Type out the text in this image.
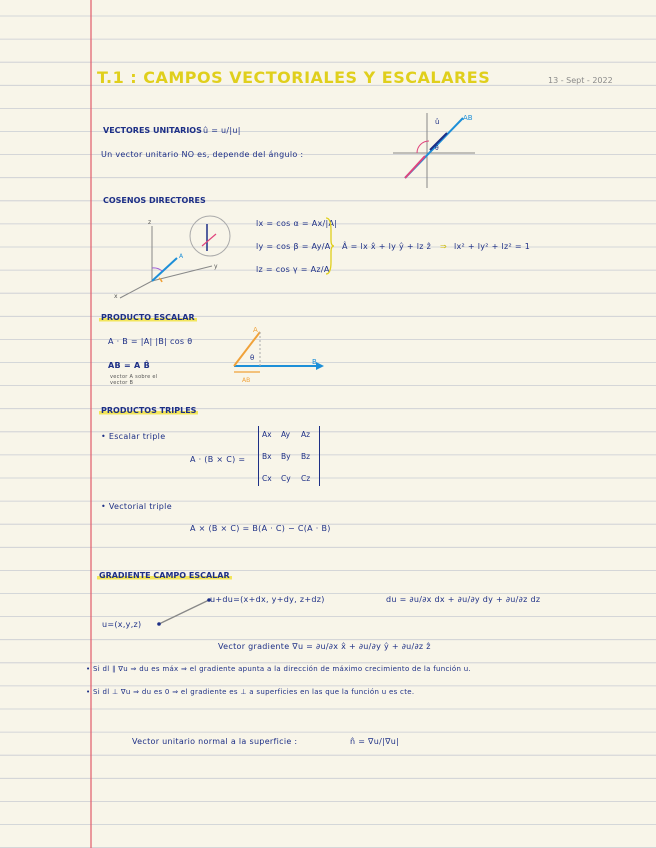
T.1 : CAMPOS VECTORIALES Y ESCALARES	13 - Sept - 2022
VECTORES UNITARIOS û = u/|u|
Un vector unitario NO es, depende del ángulo :
AB
û
θ
COSENOS DIRECTORES
z
y
x
A
lx = cos α = Ax/|A|
ly = cos β = Ay/A
lz = cos γ = Az/A
Â = lx x̂ + ly ŷ + lz ẑ ⇒ lx² + ly² + lz² = 1
PRODUCTO ESCALAR
A · B = |A| |B| cos θ
AB = A B̂
vector A sobre el vector B
A
B
θ
AB
PRODUCTOS TRIPLES
• Escalar triple
A · (B × C) =
Ax Ay Az
Bx By Bz
Cx Cy Cz
• Vectorial triple
A × (B × C) = B(A · C) − C(A · B)
GRADIENTE CAMPO ESCALAR
u+du=(x+dx, y+dy, z+dz)
u=(x,y,z)
du = ∂u/∂x dx + ∂u/∂y dy + ∂u/∂z dz
Vector gradiente ∇u = ∂u/∂x x̂ + ∂u/∂y ŷ + ∂u/∂z ẑ
• Si dl ∥ ∇u ⇒ du es máx ⇒ el gradiente apunta a la dirección de máximo crecimiento de la función u.
• Si dl ⊥ ∇u ⇒ du es 0 ⇒ el gradiente es ⊥ a superficies en las que la función u es cte.
Vector unitario normal a la superficie :	n̂ = ∇u/|∇u|
